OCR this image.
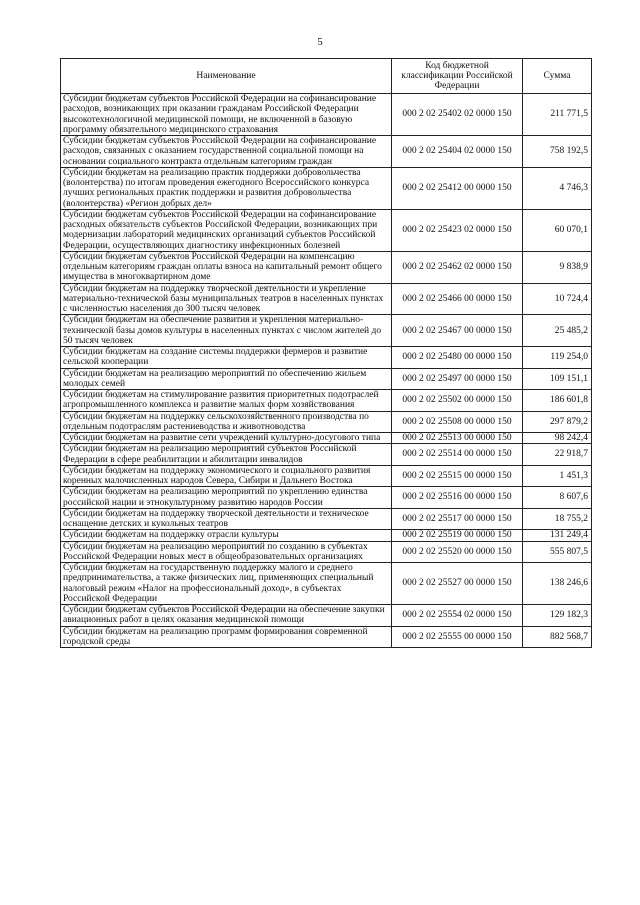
5
Наименование	Код бюджетной классификации Российской Федерации	Сумма
Субсидии бюджетам субъектов Российской Федерации на софинансирование расходов, возникающих при оказании гражданам Российской Федерации высокотехнологичной медицинской помощи, не включенной в базовую программу обязательного медицинского страхования	000 2 02 25402 02 0000 150	211 771,5
Субсидии бюджетам субъектов Российской Федерации на софинансирование расходов, связанных с оказанием государственной социальной помощи на основании социального контракта отдельным категориям граждан	000 2 02 25404 02 0000 150	758 192,5
Субсидии бюджетам на реализацию практик поддержки добровольчества (волонтерства) по итогам проведения ежегодного Всероссийского конкурса лучших региональных практик поддержки и развития добровольчества (волонтерства) «Регион добрых дел»	000 2 02 25412 00 0000 150	4 746,3
Субсидии бюджетам субъектов Российской Федерации на софинансирование расходных обязательств субъектов Российской Федерации, возникающих при модернизации лабораторий медицинских организаций субъектов Российской Федерации, осуществляющих диагностику инфекционных болезней	000 2 02 25423 02 0000 150	60 070,1
Субсидии бюджетам субъектов Российской Федерации на компенсацию отдельным категориям граждан оплаты взноса на капитальный ремонт общего имущества в многоквартирном доме	000 2 02 25462 02 0000 150	9 838,9
Субсидии бюджетам на поддержку творческой деятельности и укрепление материально-технической базы муниципальных театров в населенных пунктах с численностью населения до 300 тысяч человек	000 2 02 25466 00 0000 150	10 724,4
Субсидии бюджетам на обеспечение развития и укрепления материально-технической базы домов культуры в населенных пунктах с числом жителей до 50 тысяч человек	000 2 02 25467 00 0000 150	25 485,2
Субсидии бюджетам на создание системы поддержки фермеров и развитие сельской кооперации	000 2 02 25480 00 0000 150	119 254,0
Субсидии бюджетам на реализацию мероприятий по обеспечению жильем молодых семей	000 2 02 25497 00 0000 150	109 151,1
Субсидии бюджетам на стимулирование развития приоритетных подотраслей агропромышленного комплекса и развитие малых форм хозяйствования	000 2 02 25502 00 0000 150	186 601,8
Субсидии бюджетам на поддержку сельскохозяйственного производства по отдельным подотраслям растениеводства и животноводства	000 2 02 25508 00 0000 150	297 879,2
Субсидии бюджетам на развитие сети учреждений культурно-досугового типа	000 2 02 25513 00 0000 150	98 242,4
Субсидии бюджетам на реализацию мероприятий субъектов Российской Федерации в сфере реабилитации и абилитации инвалидов	000 2 02 25514 00 0000 150	22 918,7
Субсидии бюджетам на поддержку экономического и социального развития коренных малочисленных народов Севера, Сибири и Дальнего Востока	000 2 02 25515 00 0000 150	1 451,3
Субсидии бюджетам на реализацию мероприятий по укреплению единства российской нации и этнокультурному развитию народов России	000 2 02 25516 00 0000 150	8 607,6
Субсидии бюджетам на поддержку творческой деятельности и техническое оснащение детских и кукольных театров	000 2 02 25517 00 0000 150	18 755,2
Субсидии бюджетам на поддержку отрасли культуры	000 2 02 25519 00 0000 150	131 249,4
Субсидии бюджетам на реализацию мероприятий по созданию в субъектах Российской Федерации новых мест в общеобразовательных организациях	000 2 02 25520 00 0000 150	555 807,5
Субсидии бюджетам на государственную поддержку малого и среднего предпринимательства, а также физических лиц, применяющих специальный налоговый режим «Налог на профессиональный доход», в субъектах Российской Федерации	000 2 02 25527 00 0000 150	138 246,6
Субсидии бюджетам субъектов Российской Федерации на обеспечение закупки авиационных работ в целях оказания медицинской помощи	000 2 02 25554 02 0000 150	129 182,3
Субсидии бюджетам на реализацию программ формирования современной городской среды	000 2 02 25555 00 0000 150	882 568,7
